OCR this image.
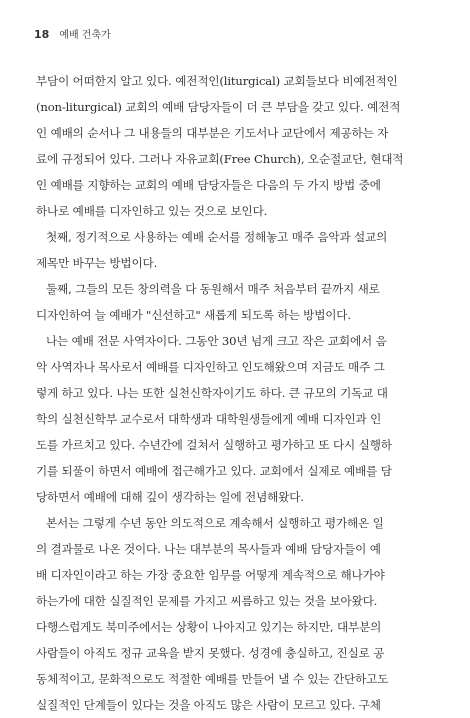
18 예배 건축가
부담이 어떠한지 알고 있다. 예전적인(liturgical) 교회들보다 비예전적인
(non-liturgical) 교회의 예배 담당자들이 더 큰 부담을 갖고 있다. 예전적
인 예배의 순서나 그 내용들의 대부분은 기도서나 교단에서 제공하는 자
료에 규정되어 있다. 그러나 자유교회(Free Church), 오순절교단, 현대적
인 예배를 지향하는 교회의 예배 담당자들은 다음의 두 가지 방법 중에
하나로 예배를 디자인하고 있는 것으로 보인다.
첫째, 정기적으로 사용하는 예배 순서를 정해놓고 매주 음악과 설교의
제목만 바꾸는 방법이다.
둘째, 그들의 모든 창의력을 다 동원해서 매주 처음부터 끝까지 새로
디자인하여 늘 예배가 "신선하고" 새롭게 되도록 하는 방법이다.
나는 예배 전문 사역자이다. 그동안 30년 넘게 크고 작은 교회에서 음
악 사역자나 목사로서 예배를 디자인하고 인도해왔으며 지금도 매주 그
렇게 하고 있다. 나는 또한 실천신학자이기도 하다. 큰 규모의 기독교 대
학의 실천신학부 교수로서 대학생과 대학원생들에게 예배 디자인과 인
도를 가르치고 있다. 수년간에 걸쳐서 실행하고 평가하고 또 다시 실행하
기를 되풀이 하면서 예배에 접근해가고 있다. 교회에서 실제로 예배를 담
당하면서 예배에 대해 깊이 생각하는 일에 전념해왔다.
본서는 그렇게 수년 동안 의도적으로 계속해서 실행하고 평가해온 일
의 결과물로 나온 것이다. 나는 대부분의 목사들과 예배 담당자들이 예
배 디자인이라고 하는 가장 중요한 임무를 어떻게 계속적으로 해나가야
하는가에 대한 실질적인 문제를 가지고 씨름하고 있는 것을 보아왔다.
다행스럽게도 북미주에서는 상황이 나아지고 있기는 하지만, 대부분의
사람들이 아직도 정규 교육을 받지 못했다. 성경에 충실하고, 진실로 공
동체적이고, 문화적으로도 적절한 예배를 만들어 낼 수 있는 간단하고도
실질적인 단계들이 있다는 것을 아직도 많은 사람이 모르고 있다. 구체
